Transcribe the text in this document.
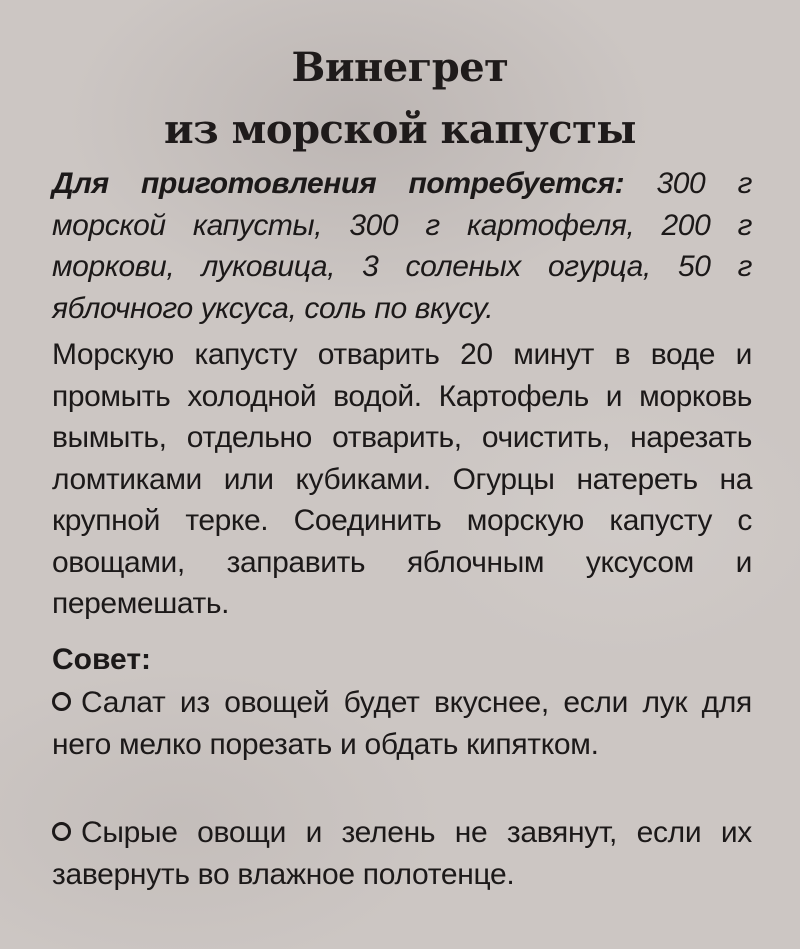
Винегрет
из морской капусты
Для приготовления потребуется: 300 г морской капусты, 300 г картофеля, 200 г моркови, луковица, 3 соленых огурца, 50 г яблочного уксуса, соль по вкусу.
Морскую капусту отварить 20 минут в воде и промыть холодной водой. Картофель и морковь вымыть, отдельно отварить, очистить, нарезать ломтиками или кубиками. Огурцы натереть на крупной терке. Соединить морскую капусту с овощами, заправить яблочным уксусом и перемешать.
Совет:
Салат из овощей будет вкуснее, если лук для него мелко порезать и обдать кипятком.
Сырые овощи и зелень не завянут, если их завернуть во влажное полотенце.
